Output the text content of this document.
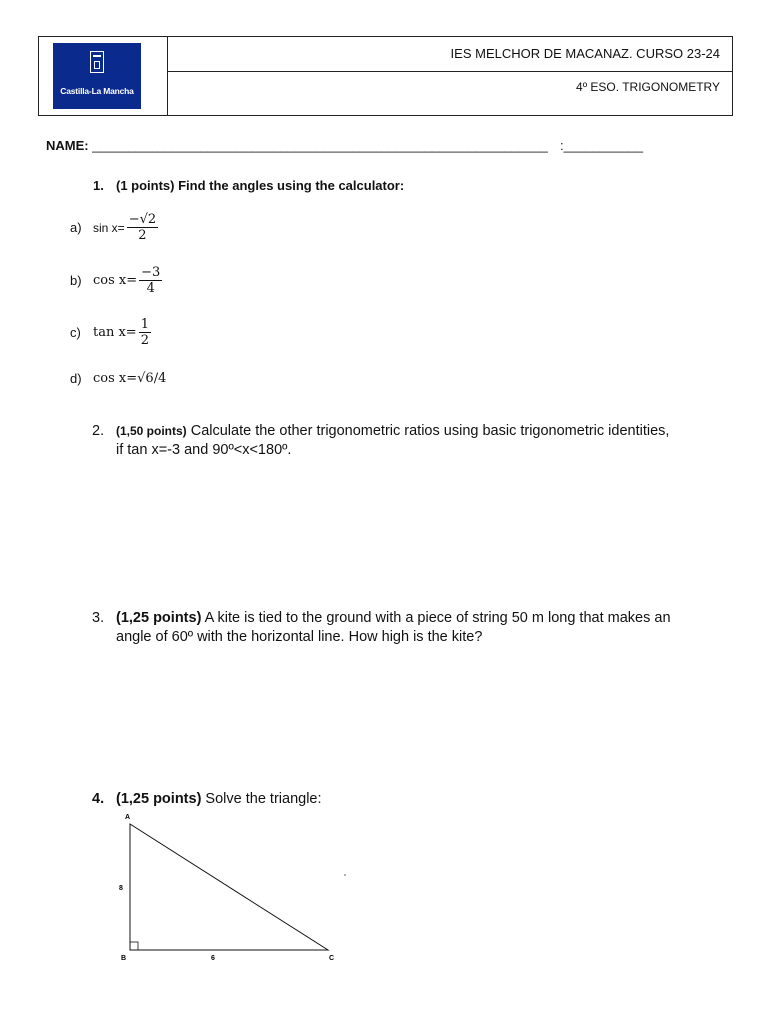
Castilla-La Mancha
IES MELCHOR DE MACANAZ. CURSO 23-24
4º ESO. TRIGONOMETRY
NAME: _______________________________________________________________ :___________
1. (1 points) Find the angles using the calculator:
a) $\sin x= \frac{-√2}{2}$
b) $\cos x= \frac{-3}{4}$
c) $\tan x= \frac{1}{2}$
d) cos x= √6/4
2. (1,50 points) Calculate the other trigonometric ratios using basic trigonometric identities,
if tan x=-3 and 90º<x<180º.
3. (1,25 points) A kite is tied to the ground with a piece of string 50 m long that makes an
angle of 60º with the horizontal line. How high is the kite?
4. (1,25 points) Solve the triangle:
A
B	C
8
6
